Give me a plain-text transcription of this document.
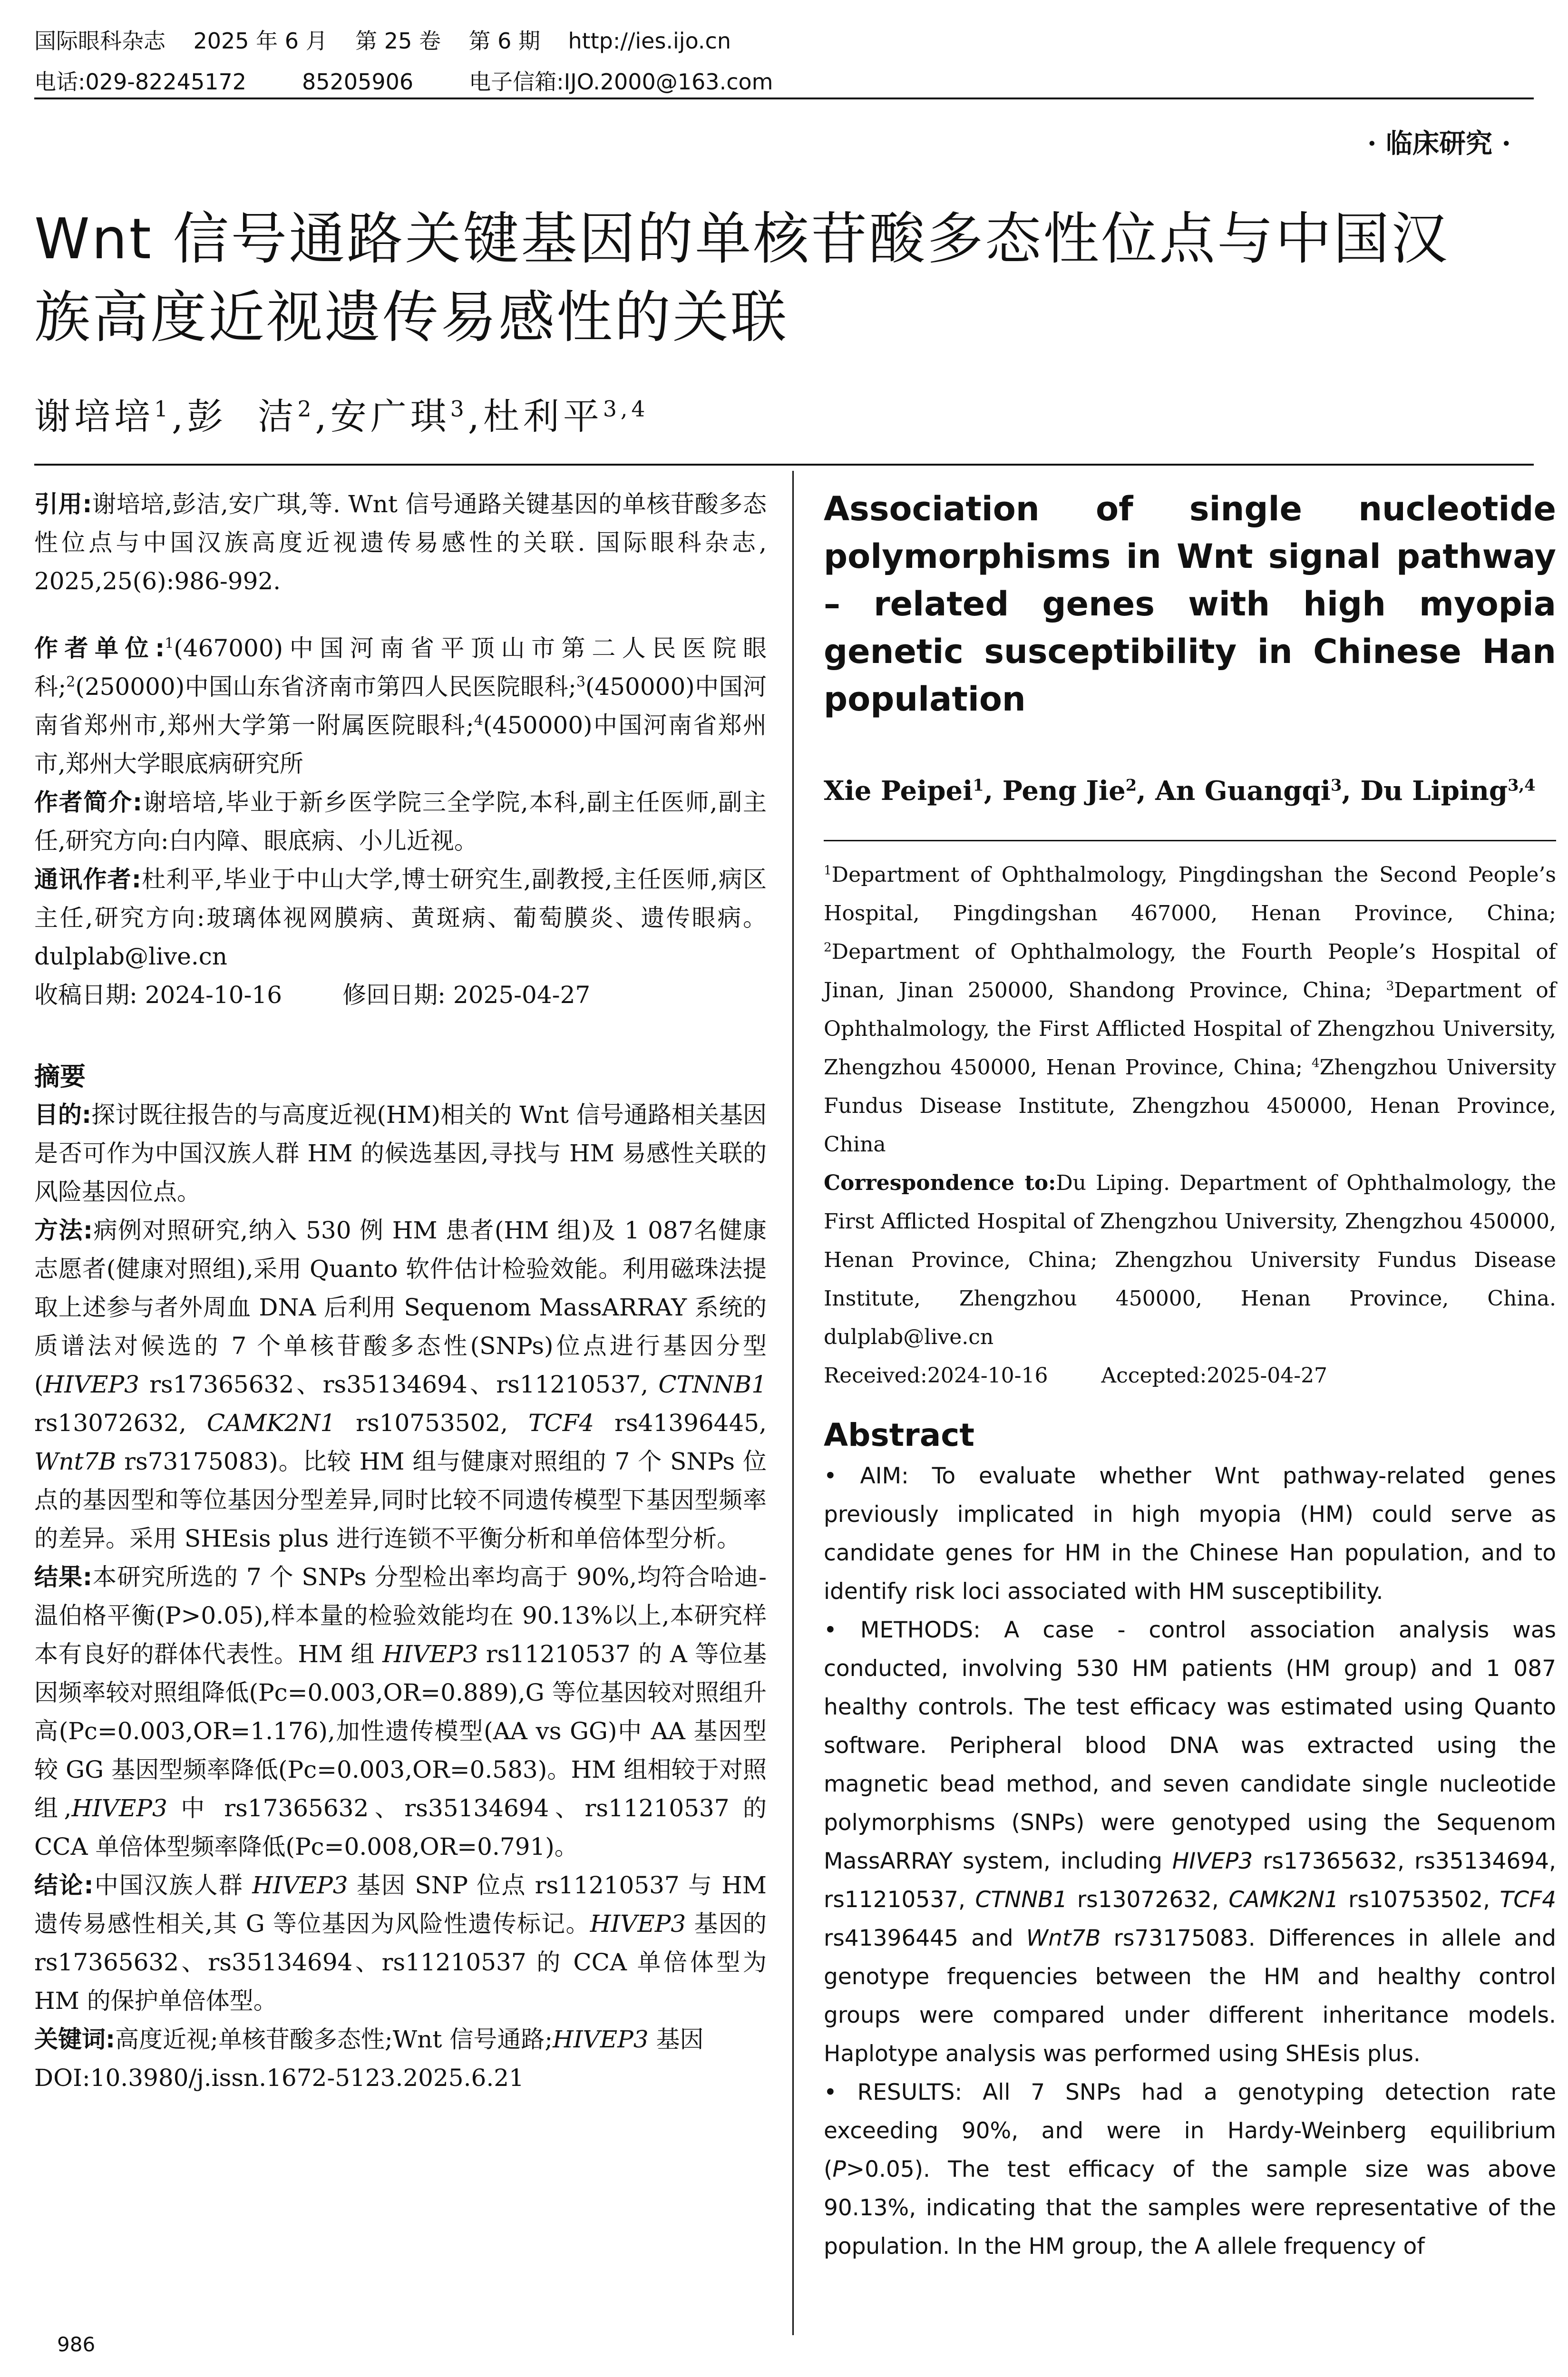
国际眼科杂志    2025 年 6 月    第 25 卷    第 6 期    http://ies.ijo.cn
电话:029-82245172        85205906        电子信箱:IJO.2000@163.com
· 临床研究 ·
Wnt 信号通路关键基因的单核苷酸多态性位点与中国汉
族高度近视遗传易感性的关联
谢培培$^1$,彭  洁$^2$,安广琪$^3$,杜利平$^{3,4}$

引用:谢培培,彭洁,安广琪,等. Wnt 信号通路关键基因的单核苷酸多态性位点与中国汉族高度近视遗传易感性的关联. 国际眼科杂志, 2025,25(6):986-992.

作者单位:$^1$(467000)中国河南省平顶山市第二人民医院眼科;$^2$(250000)中国山东省济南市第四人民医院眼科;$^3$(450000)中国河南省郑州市,郑州大学第一附属医院眼科;$^4$(450000)中国河南省郑州市,郑州大学眼底病研究所

作者简介:谢培培,毕业于新乡医学院三全学院,本科,副主任医师,副主任,研究方向:白内障、眼底病、小儿近视。

通讯作者:杜利平,毕业于中山大学,博士研究生,副教授,主任医师,病区主任,研究方向:玻璃体视网膜病、黄斑病、葡萄膜炎、遗传眼病。dulplab@live.cn

收稿日期: 2024-10-16        修回日期: 2025-04-27

摘要

目的:探讨既往报告的与高度近视(HM)相关的 Wnt 信号通路相关基因是否可作为中国汉族人群 HM 的候选基因,寻找与 HM 易感性关联的风险基因位点。

方法:病例对照研究,纳入 530 例 HM 患者(HM 组)及 1 087名健康志愿者(健康对照组),采用 Quanto 软件估计检验效能。利用磁珠法提取上述参与者外周血 DNA 后利用 Sequenom MassARRAY 系统的质谱法对候选的 7 个单核苷酸多态性(SNPs)位点进行基因分型(HIVEP3 rs17365632、rs35134694、rs11210537, CTNNB1 rs13072632, CAMK2N1 rs10753502, TCF4 rs41396445, Wnt7B rs73175083)。比较 HM 组与健康对照组的 7 个 SNPs 位点的基因型和等位基因分型差异,同时比较不同遗传模型下基因型频率的差异。采用 SHEsis plus 进行连锁不平衡分析和单倍体型分析。

结果:本研究所选的 7 个 SNPs 分型检出率均高于 90%,均符合哈迪-温伯格平衡(P>0.05),样本量的检验效能均在 90.13%以上,本研究样本有良好的群体代表性。HM 组 HIVEP3 rs11210537 的 A 等位基因频率较对照组降低(Pc=0.003,OR=0.889),G 等位基因较对照组升高(Pc=0.003,OR=1.176),加性遗传模型(AA vs GG)中 AA 基因型较 GG 基因型频率降低(Pc=0.003,OR=0.583)。HM 组相较于对照组,HIVEP3 中 rs17365632、rs35134694、rs11210537 的 CCA 单倍体型频率降低(Pc=0.008,OR=0.791)。

结论:中国汉族人群 HIVEP3 基因 SNP 位点 rs11210537 与 HM 遗传易感性相关,其 G 等位基因为风险性遗传标记。HIVEP3 基因的 rs17365632、rs35134694、rs11210537 的 CCA 单倍体型为 HM 的保护单倍体型。

关键词:高度近视;单核苷酸多态性;Wnt 信号通路;HIVEP3 基因

DOI:10.3980/j.issn.1672-5123.2025.6.21

Association of single nucleotide polymorphisms in Wnt signal pathway – related genes with high myopia genetic susceptibility in Chinese Han population
Xie Peipei$^1$, Peng Jie$^2$, An Guangqi$^3$, Du Liping$^{3,4}$
$^1$Department of Ophthalmology, Pingdingshan the Second People’s Hospital, Pingdingshan 467000, Henan Province, China; $^2$Department of Ophthalmology, the Fourth People’s Hospital of Jinan, Jinan 250000, Shandong Province, China; $^3$Department of Ophthalmology, the First Afflicted Hospital of Zhengzhou University, Zhengzhou 450000, Henan Province, China; $^4$Zhengzhou University Fundus Disease Institute, Zhengzhou 450000, Henan Province, China
Correspondence to:Du Liping. Department of Ophthalmology, the First Afflicted Hospital of Zhengzhou University, Zhengzhou 450000, Henan Province, China; Zhengzhou University Fundus Disease Institute, Zhengzhou 450000, Henan Province, China. dulplab@live.cn
Received:2024-10-16        Accepted:2025-04-27
Abstract
• AIM: To evaluate whether Wnt pathway-related genes previously implicated in high myopia (HM) could serve as candidate genes for HM in the Chinese Han population, and to identify risk loci associated with HM susceptibility.
• METHODS: A case - control association analysis was conducted, involving 530 HM patients (HM group) and 1 087 healthy controls. The test efficacy was estimated using Quanto software. Peripheral blood DNA was extracted using the magnetic bead method, and seven candidate single nucleotide polymorphisms (SNPs) were genotyped using the Sequenom MassARRAY system, including HIVEP3 rs17365632, rs35134694, rs11210537, CTNNB1 rs13072632, CAMK2N1 rs10753502, TCF4 rs41396445 and Wnt7B rs73175083. Differences in allele and genotype frequencies between the HM and healthy control groups were compared under different inheritance models. Haplotype analysis was performed using SHEsis plus.
• RESULTS: All 7 SNPs had a genotyping detection rate exceeding 90%, and were in Hardy-Weinberg equilibrium (P>0.05). The test efficacy of the sample size was above 90.13%, indicating that the samples were representative of the population. In the HM group, the A allele frequency of
986
